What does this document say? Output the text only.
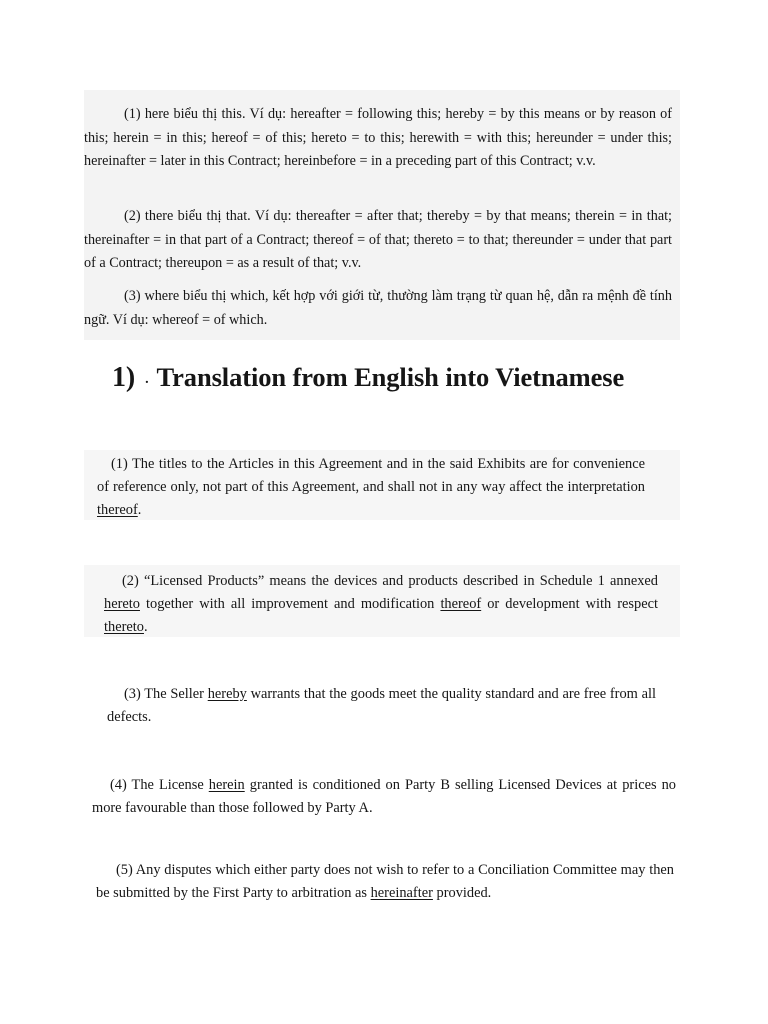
(1) here biểu thị this. Ví dụ: hereafter = following this; hereby = by this means or by reason of this; herein = in this; hereof = of this; hereto = to this; herewith = with this; hereunder = under this; hereinafter = later in this Contract; hereinbefore = in a preceding part of this Contract; v.v.

(2) there biểu thị that. Ví dụ: thereafter = after that; thereby = by that means; therein = in that; thereinafter = in that part of a Contract; thereof = of that; thereto = to that; thereunder = under that part of a Contract; thereupon = as a result of that; v.v.

(3) where biểu thị which, kết hợp với giới từ, thường làm trạng từ quan hệ, dẫn ra mệnh đề tính ngữ. Ví dụ: whereof = of which.

1) . Translation from English into Vietnamese

(1) The titles to the Articles in this Agreement and in the said Exhibits are for convenience of reference only, not part of this Agreement, and shall not in any way affect the interpretation thereof.

(2) “Licensed Products” means the devices and products described in Schedule 1 annexed hereto together with all improvement and modification thereof or development with respect thereto.

(3) The Seller hereby warrants that the goods meet the quality standard and are free from all defects.

(4) The License herein granted is conditioned on Party B selling Licensed Devices at prices no more favourable than those followed by Party A.

(5) Any disputes which either party does not wish to refer to a Conciliation Committee may then be submitted by the First Party to arbitration as hereinafter provided.
